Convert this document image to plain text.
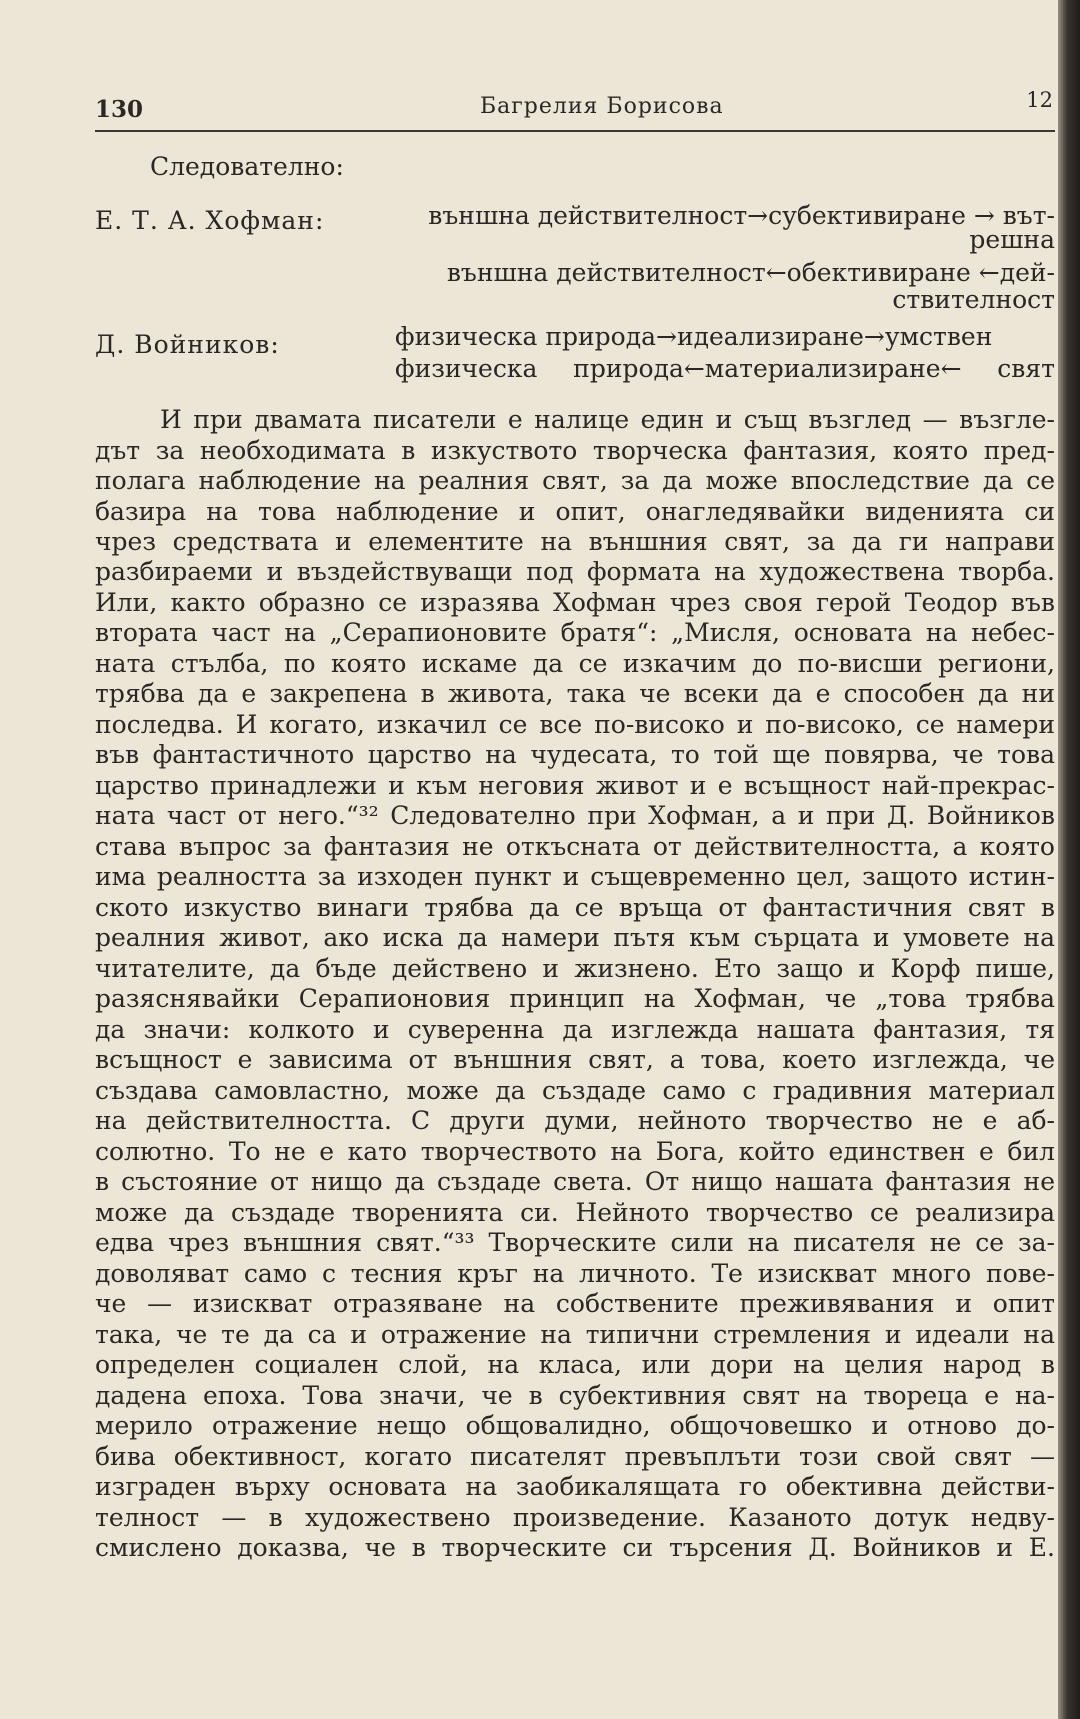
130	Багрелия Борисова	12
Следователно:
Е. Т. А. Хофман:	външна действителност→субективиране → вът-
решна
външна действителност←обективиране ←дей-
ствителност
Д. Войников:	физическа природа→идеализиране→умствен
физическа природа←материализиране← свят
И при двамата писатели е налице един и същ възглед — възгле-
дът за необходимата в изкуството творческа фантазия, която пред-
полага наблюдение на реалния свят, за да може впоследствие да се
базира на това наблюдение и опит, онагледявайки виденията си
чрез средствата и елементите на външния свят, за да ги направи
разбираеми и въздействуващи под формата на художествена творба.
Или, както образно се изразява Хофман чрез своя герой Теодор във
втората част на „Серапионовите братя“: „Мисля, основата на небес-
ната стълба, по която искаме да се изкачим до по-висши региони,
трябва да е закрепена в живота, така че всеки да е способен да ни
последва. И когато, изкачил се все по-високо и по-високо, се намери
във фантастичното царство на чудесата, то той ще повярва, че това
царство принадлежи и към неговия живот и е всъщност най-прекрас-
ната част от него.“³² Следователно при Хофман, а и при Д. Войников
става въпрос за фантазия не откъсната от действителността, а която
има реалността за изходен пункт и същевременно цел, защото истин-
ското изкуство винаги трябва да се връща от фантастичния свят в
реалния живот, ако иска да намери пътя към сърцата и умовете на
читателите, да бъде действено и жизнено. Ето защо и Корф пише,
разяснявайки Серапионовия принцип на Хофман, че „това трябва
да значи: колкото и суверенна да изглежда нашата фантазия, тя
всъщност е зависима от външния свят, а това, което изглежда, че
създава самовластно, може да създаде само с градивния материал
на действителността. С други думи, нейното творчество не е аб-
солютно. То не е като творчеството на Бога, който единствен е бил
в състояние от нищо да създаде света. От нищо нашата фантазия не
може да създаде творенията си. Нейното творчество се реализира
едва чрез външния свят.“³³ Творческите сили на писателя не се за-
доволяват само с тесния кръг на личното. Те изискват много пове-
че — изискват отразяване на собствените преживявания и опит
така, че те да са и отражение на типични стремления и идеали на
определен социален слой, на класа, или дори на целия народ в
дадена епоха. Това значи, че в субективния свят на твореца е на-
мерило отражение нещо общовалидно, общочовешко и отново до-
бива обективност, когато писателят превъплъти този свой свят —
изграден върху основата на заобикалящата го обективна действи-
телност — в художествено произведение. Казаното дотук недву-
смислено доказва, че в творческите си търсения Д. Войников и Е.
